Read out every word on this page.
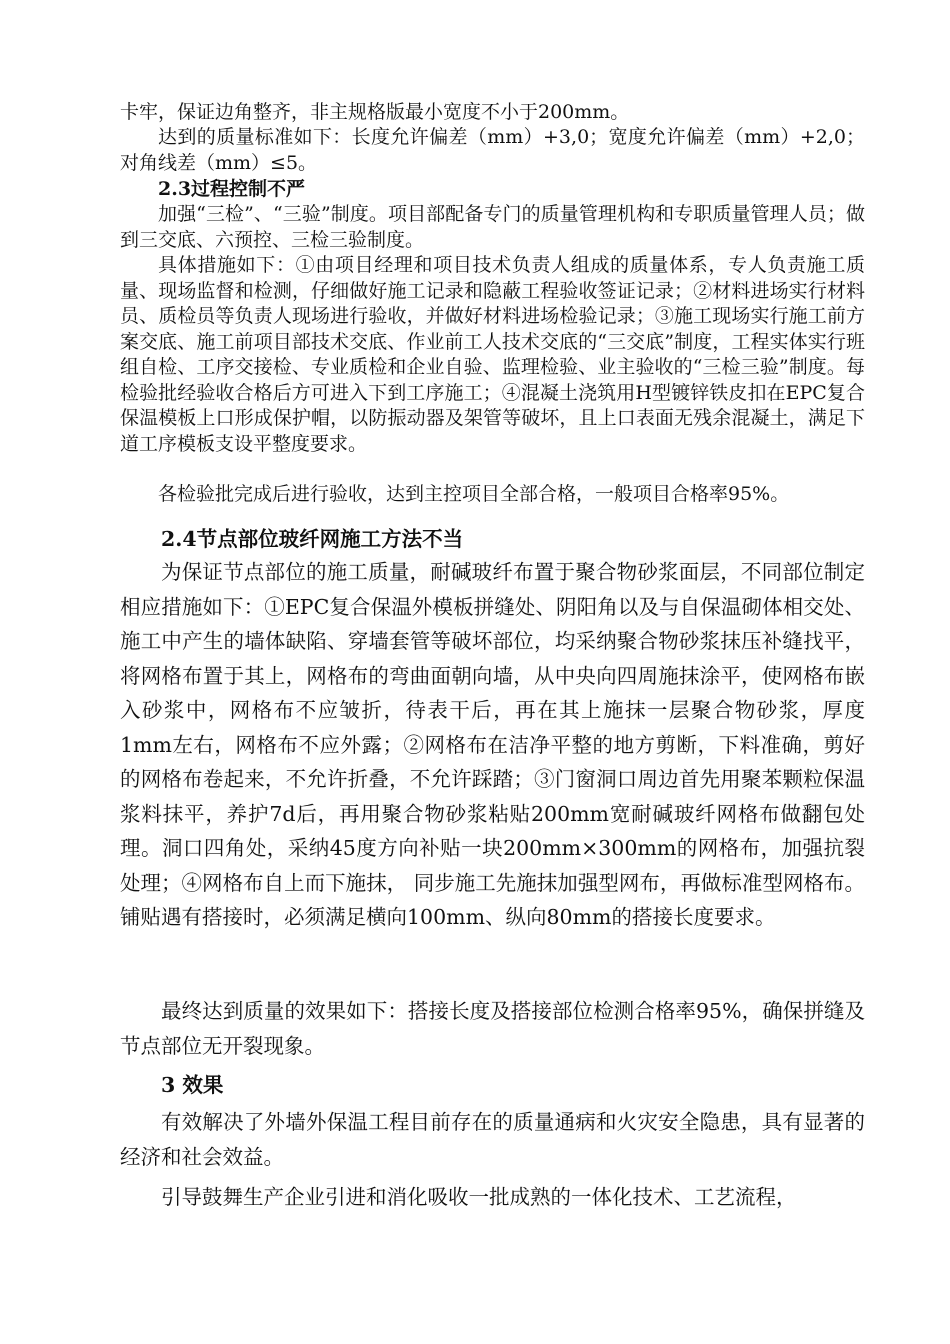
卡牢，保证边角整齐，非主规格版最小宽度不小于200mm。

达到的质量标准如下：长度允许偏差（mm）+3,0；宽度允许偏差（mm）+2,0；对角线差（mm）≤5。

2.3过程控制不严

加强“三检”、“三验”制度。项目部配备专门的质量管理机构和专职质量管理人员；做到三交底、六预控、三检三验制度。

具体措施如下：①由项目经理和项目技术负责人组成的质量体系，专人负责施工质量、现场监督和检测，仔细做好施工记录和隐蔽工程验收签证记录；②材料进场实行材料员、质检员等负责人现场进行验收，并做好材料进场检验记录；③施工现场实行施工前方案交底、施工前项目部技术交底、作业前工人技术交底的“三交底”制度，工程实体实行班组自检、工序交接检、专业质检和企业自验、监理检验、业主验收的“三检三验”制度。每检验批经验收合格后方可进入下到工序施工；④混凝土浇筑用H型镀锌铁皮扣在EPC复合保温模板上口形成保护帽，以防振动器及架管等破坏，且上口表面无残余混凝土，满足下道工序模板支设平整度要求。

各检验批完成后进行验收，达到主控项目全部合格，一般项目合格率95%。

2.4节点部位玻纤网施工方法不当

为保证节点部位的施工质量，耐碱玻纤布置于聚合物砂浆面层，不同部位制定相应措施如下：①EPC复合保温外模板拼缝处、阴阳角以及与自保温砌体相交处、施工中产生的墙体缺陷、穿墙套管等破坏部位，均采纳聚合物砂浆抹压补缝找平，将网格布置于其上，网格布的弯曲面朝向墙，从中央向四周施抹涂平，使网格布嵌入砂浆中，网格布不应皱折，待表干后，再在其上施抹一层聚合物砂浆，厚度1mm左右，网格布不应外露；②网格布在洁净平整的地方剪断，下料准确，剪好的网格布卷起来，不允许折叠，不允许踩踏；③门窗洞口周边首先用聚苯颗粒保温浆料抹平，养护7d后，再用聚合物砂浆粘贴200mm宽耐碱玻纤网格布做翻包处理。洞口四角处，采纳45度方向补贴一块200mm×300mm的网格布，加强抗裂处理；④网格布自上而下施抹， 同步施工先施抹加强型网布，再做标准型网格布。铺贴遇有搭接时，必须满足横向100mm、纵向80mm的搭接长度要求。

最终达到质量的效果如下：搭接长度及搭接部位检测合格率95%，确保拼缝及节点部位无开裂现象。

3 效果

有效解决了外墙外保温工程目前存在的质量通病和火灾安全隐患，具有显著的经济和社会效益。

引导鼓舞生产企业引进和消化吸收一批成熟的一体化技术、工艺流程，
